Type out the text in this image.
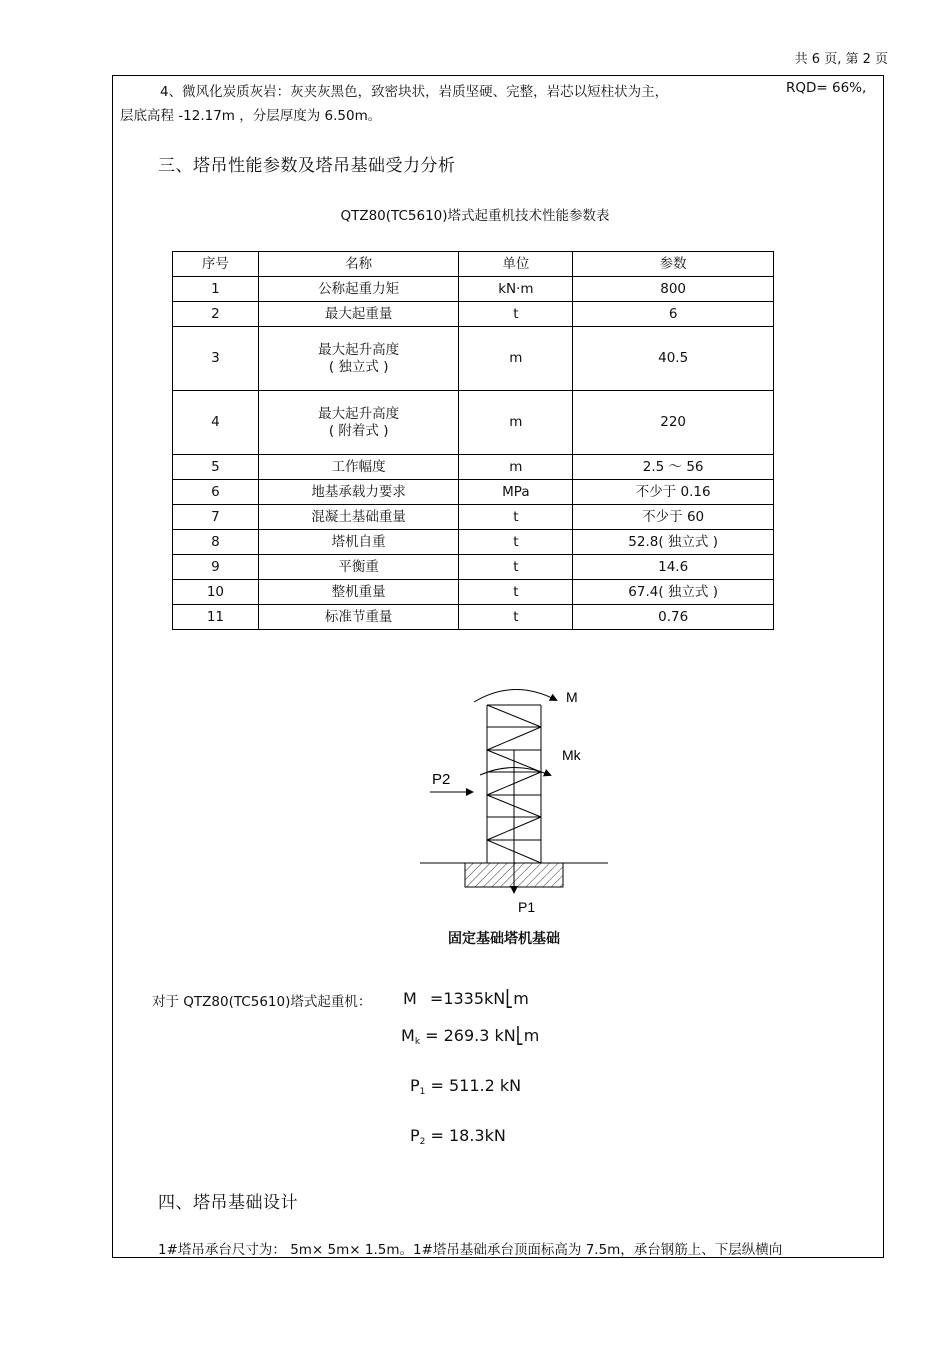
共 6 页, 第 2 页
4、微风化炭质灰岩：灰夹灰黑色，致密块状，岩质坚硬、完整，岩芯以短柱状为主，	RQD= 66%,
层底高程 -12.17m ，分层厚度为 6.50m。
三、塔吊性能参数及塔吊基础受力分析
QTZ80(TC5610)塔式起重机技术性能参数表
序号	名称	单位	参数
1	公称起重力矩	kN·m	800
2	最大起重量	t	6
3	最大起升高度
( 独立式 )	m	40.5
4	最大起升高度
( 附着式 )	m	220
5	工作幅度	m	2.5 ～ 56
6	地基承载力要求	MPa	不少于 0.16
7	混凝土基础重量	t	不少于 60
8	塔机自重	t	52.8( 独立式 )
9	平衡重	t	14.6
10	整机重量	t	67.4( 独立式 )
11	标准节重量	t	0.76
M
Mk
P2
P1
固定基础塔机基础
对于 QTZ80(TC5610)塔式起重机： M =1335kN⎣m
$M_k = 269.3$ kN⎣m
$P_1 = 511.2$ kN
$P_2 = 18.3kN$
四、塔吊基础设计
1#塔吊承台尺寸为： 5m× 5m× 1.5m。1#塔吊基础承台顶面标高为 7.5m，承台钢筋上、下层纵横向
